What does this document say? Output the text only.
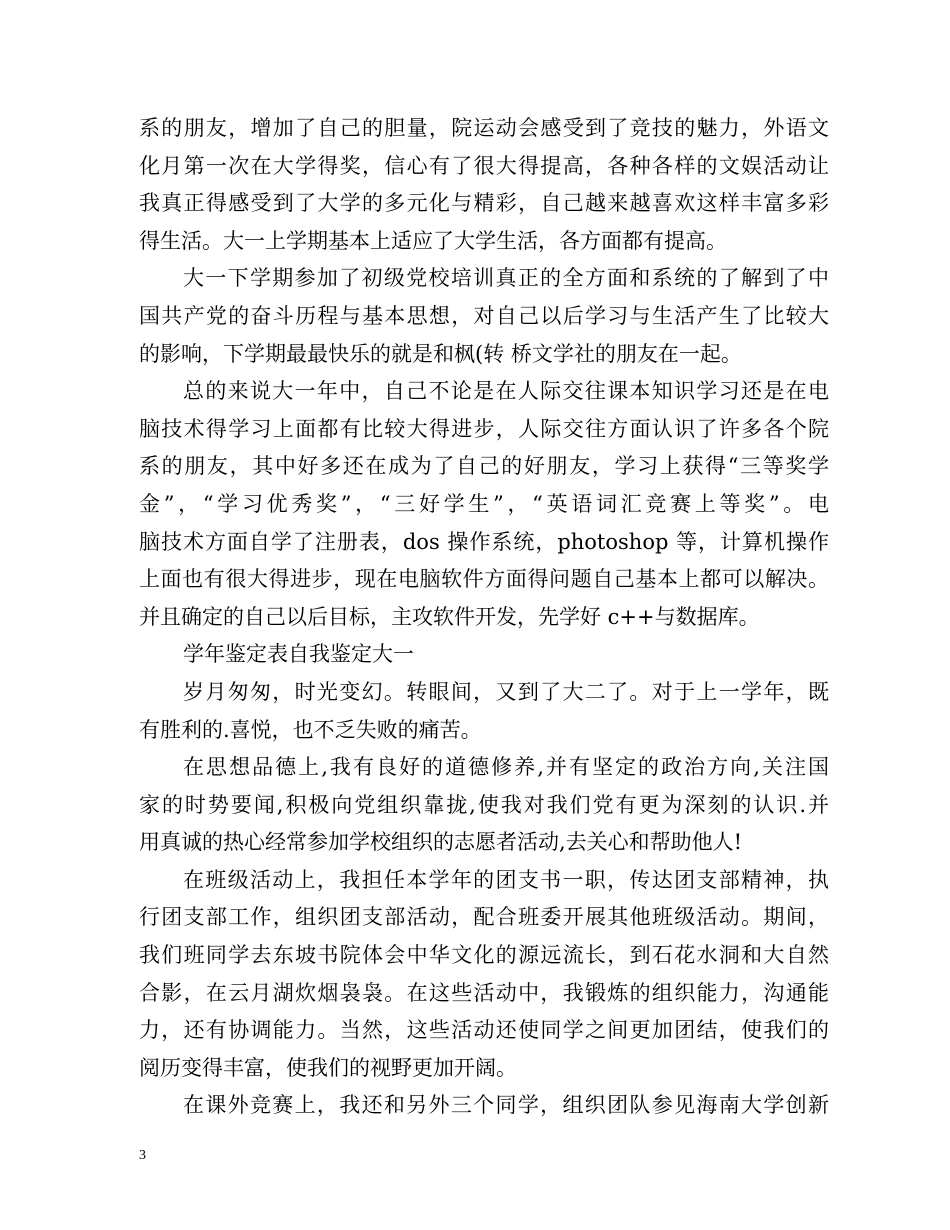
系的朋友，增加了自己的胆量，院运动会感受到了竞技的魅力，外语文
化月第一次在大学得奖，信心有了很大得提高，各种各样的文娱活动让
我真正得感受到了大学的多元化与精彩，自己越来越喜欢这样丰富多彩
得生活。大一上学期基本上适应了大学生活，各方面都有提高。
大一下学期参加了初级党校培训真正的全方面和系统的了解到了中
国共产党的奋斗历程与基本思想，对自己以后学习与生活产生了比较大
的影响，下学期最最快乐的就是和枫(转 桥文学社的朋友在一起。
总的来说大一年中，自己不论是在人际交往课本知识学习还是在电
脑技术得学习上面都有比较大得进步，人际交往方面认识了许多各个院
系的朋友，其中好多还在成为了自己的好朋友，学习上获得“三等奖学
金”，“学习优秀奖”，“三好学生”，“英语词汇竞赛上等奖”。电
脑技术方面自学了注册表，dos 操作系统，photoshop 等，计算机操作
上面也有很大得进步，现在电脑软件方面得问题自己基本上都可以解决。
并且确定的自己以后目标，主攻软件开发，先学好 c++与数据库。
学年鉴定表自我鉴定大一
岁月匆匆，时光变幻。转眼间，又到了大二了。对于上一学年，既
有胜利的.喜悦，也不乏失败的痛苦。
在思想品德上,我有良好的道德修养,并有坚定的政治方向,关注国
家的时势要闻,积极向党组织靠拢,使我对我们党有更为深刻的认识.并
用真诚的热心经常参加学校组织的志愿者活动,去关心和帮助他人!
在班级活动上，我担任本学年的团支书一职，传达团支部精神，执
行团支部工作，组织团支部活动，配合班委开展其他班级活动。期间，
我们班同学去东坡书院体会中华文化的源远流长，到石花水洞和大自然
合影，在云月湖炊烟袅袅。在这些活动中，我锻炼的组织能力，沟通能
力，还有协调能力。当然，这些活动还使同学之间更加团结，使我们的
阅历变得丰富，使我们的视野更加开阔。
在课外竞赛上，我还和另外三个同学，组织团队参见海南大学创新
3
